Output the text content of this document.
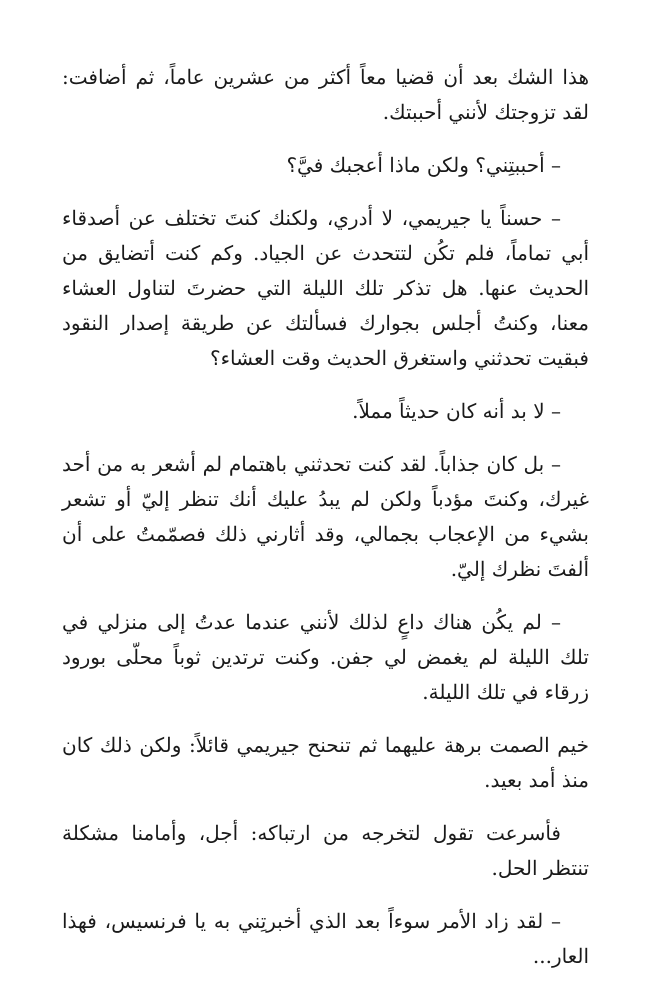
هذا الشك بعد أن قضيا معاً أكثر من عشرين عاماً، ثم أضافت: لقد تزوجتك لأنني أحببتك.

– أحببتِني؟ ولكن ماذا أعجبك فيَّ؟

– حسناً يا جيريمي، لا أدري، ولكنك كنتَ تختلف عن أصدقاء أبي تماماً، فلم تكُن لتتحدث عن الجياد. وكم كنت أتضايق من الحديث عنها. هل تذكر تلك الليلة التي حضرتَ لتناول العشاء معنا، وكنتُ أجلس بجوارك فسألتك عن طريقة إصدار النقود فبقيت تحدثني واستغرق الحديث وقت العشاء؟

– لا بد أنه كان حديثاً مملاً.

– بل كان جذاباً. لقد كنت تحدثني باهتمام لم أشعر به من أحد غيرك، وكنتَ مؤدباً ولكن لم يبدُ عليك أنك تنظر إليّ أو تشعر بشيء من الإعجاب بجمالي، وقد أثارني ذلك فصمّمتُ على أن ألفتَ نظرك إليّ.

– لم يكُن هناك داعٍ لذلك لأنني عندما عدتُ إلى منزلي في تلك الليلة لم يغمض لي جفن. وكنت ترتدين ثوباً محلّى بورود زرقاء في تلك الليلة.

خيم الصمت برهة عليهما ثم تنحنح جيريمي قائلاً: ولكن ذلك كان منذ أمد بعيد.

فأسرعت تقول لتخرجه من ارتباكه: أجل، وأمامنا مشكلة تنتظر الحل.

– لقد زاد الأمر سوءاً بعد الذي أخبرتِني به يا فرنسيس، فهذا العار...
